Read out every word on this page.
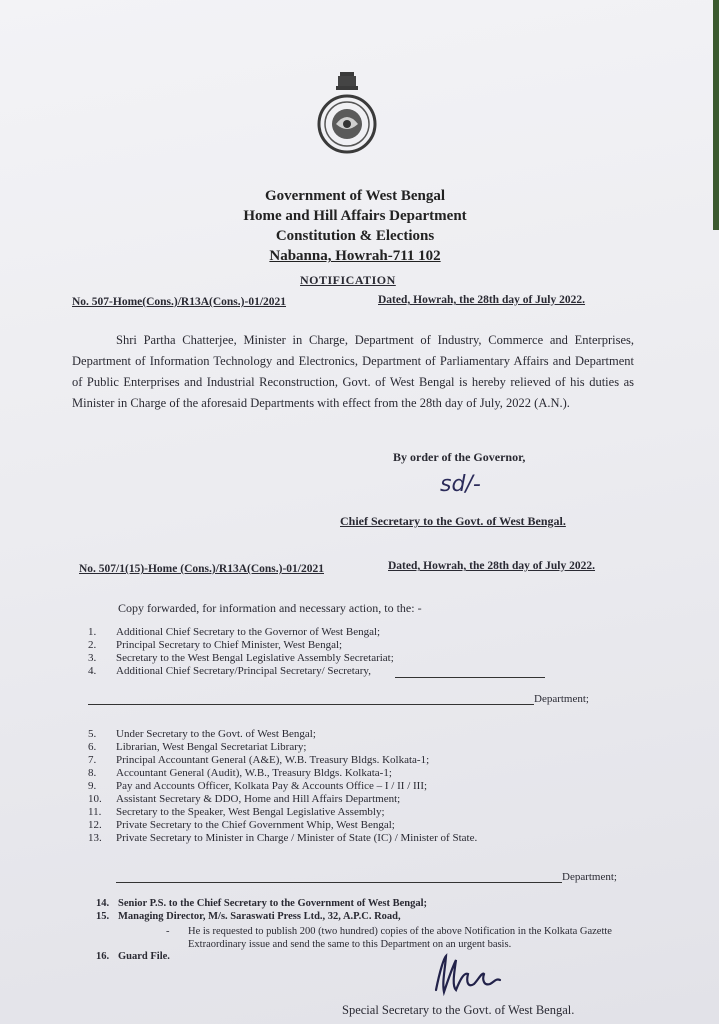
Government of West Bengal
Home and Hill Affairs Department
Constitution & Elections
Nabanna, Howrah-711 102
NOTIFICATION
No. 507-Home(Cons.)/R13A(Cons.)-01/2021	Dated, Howrah, the 28th day of July 2022.
Shri Partha Chatterjee, Minister in Charge, Department of Industry, Commerce and Enterprises, Department of Information Technology and Electronics, Department of Parliamentary Affairs and Department of Public Enterprises and Industrial Reconstruction, Govt. of West Bengal is hereby relieved of his duties as Minister in Charge of the aforesaid Departments with effect from the 28th day of July, 2022 (A.N.).
By order of the Governor,
sd/-
Chief Secretary to the Govt. of West Bengal.
No. 507/1(15)-Home (Cons.)/R13A(Cons.)-01/2021	Dated, Howrah, the 28th day of July 2022.
Copy forwarded, for information and necessary action, to the: -
1. Additional Chief Secretary to the Governor of West Bengal;
2. Principal Secretary to Chief Minister, West Bengal;
3. Secretary to the West Bengal Legislative Assembly Secretariat;
4. Additional Chief Secretary/Principal Secretary/ Secretary,
Department;
5. Under Secretary to the Govt. of West Bengal;
6. Librarian, West Bengal Secretariat Library;
7. Principal Accountant General (A&E), W.B. Treasury Bldgs. Kolkata-1;
8. Accountant General (Audit), W.B., Treasury Bldgs. Kolkata-1;
9. Pay and Accounts Officer, Kolkata Pay & Accounts Office – I / II / III;
10. Assistant Secretary & DDO, Home and Hill Affairs Department;
11. Secretary to the Speaker, West Bengal Legislative Assembly;
12. Private Secretary to the Chief Government Whip, West Bengal;
13. Private Secretary to Minister in Charge / Minister of State (IC) / Minister of State.
Department;
14. Senior P.S. to the Chief Secretary to the Government of West Bengal;
15. Managing Director, M/s. Saraswati Press Ltd., 32, A.P.C. Road,
- He is requested to publish 200 (two hundred) copies of the above Notification in the Kolkata Gazette Extraordinary issue and send the same to this Department on an urgent basis.
16. Guard File.
Special Secretary to the Govt. of West Bengal.
